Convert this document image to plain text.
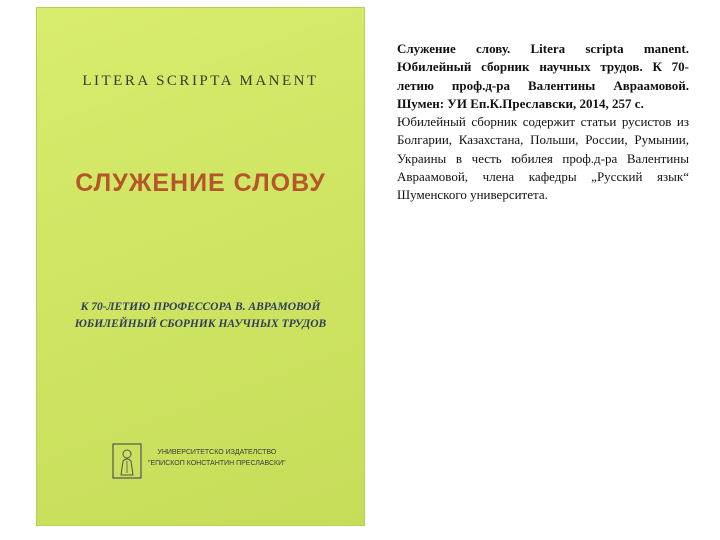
LITERA SCRIPTA MANENT
СЛУЖЕНИЕ СЛОВУ
К 70-ЛЕТИЮ ПРОФЕССОРА В. АВРАМОВОЙ
ЮБИЛЕЙНЫЙ СБОРНИК НАУЧНЫХ ТРУДОВ
УНИВЕРСИТЕТСКО ИЗДАТЕЛСТВО
"ЕПИСКОП КОНСТАНТИН ПРЕСЛАВСКИ"

Служение слову. Litera scripta manent. Юбилейный сборник научных трудов. К 70-летию проф.д-ра Валентины Авраамовой. Шумен: УИ Еп.К.Преславски, 2014, 257 с.

Юбилейный сборник содержит статьи русистов из Болгарии, Казахстана, Польши, России, Румынии, Украины в честь юбилея проф.д-ра Валентины Авраамовой, члена кафедры „Русский язык“ Шуменского университета.
